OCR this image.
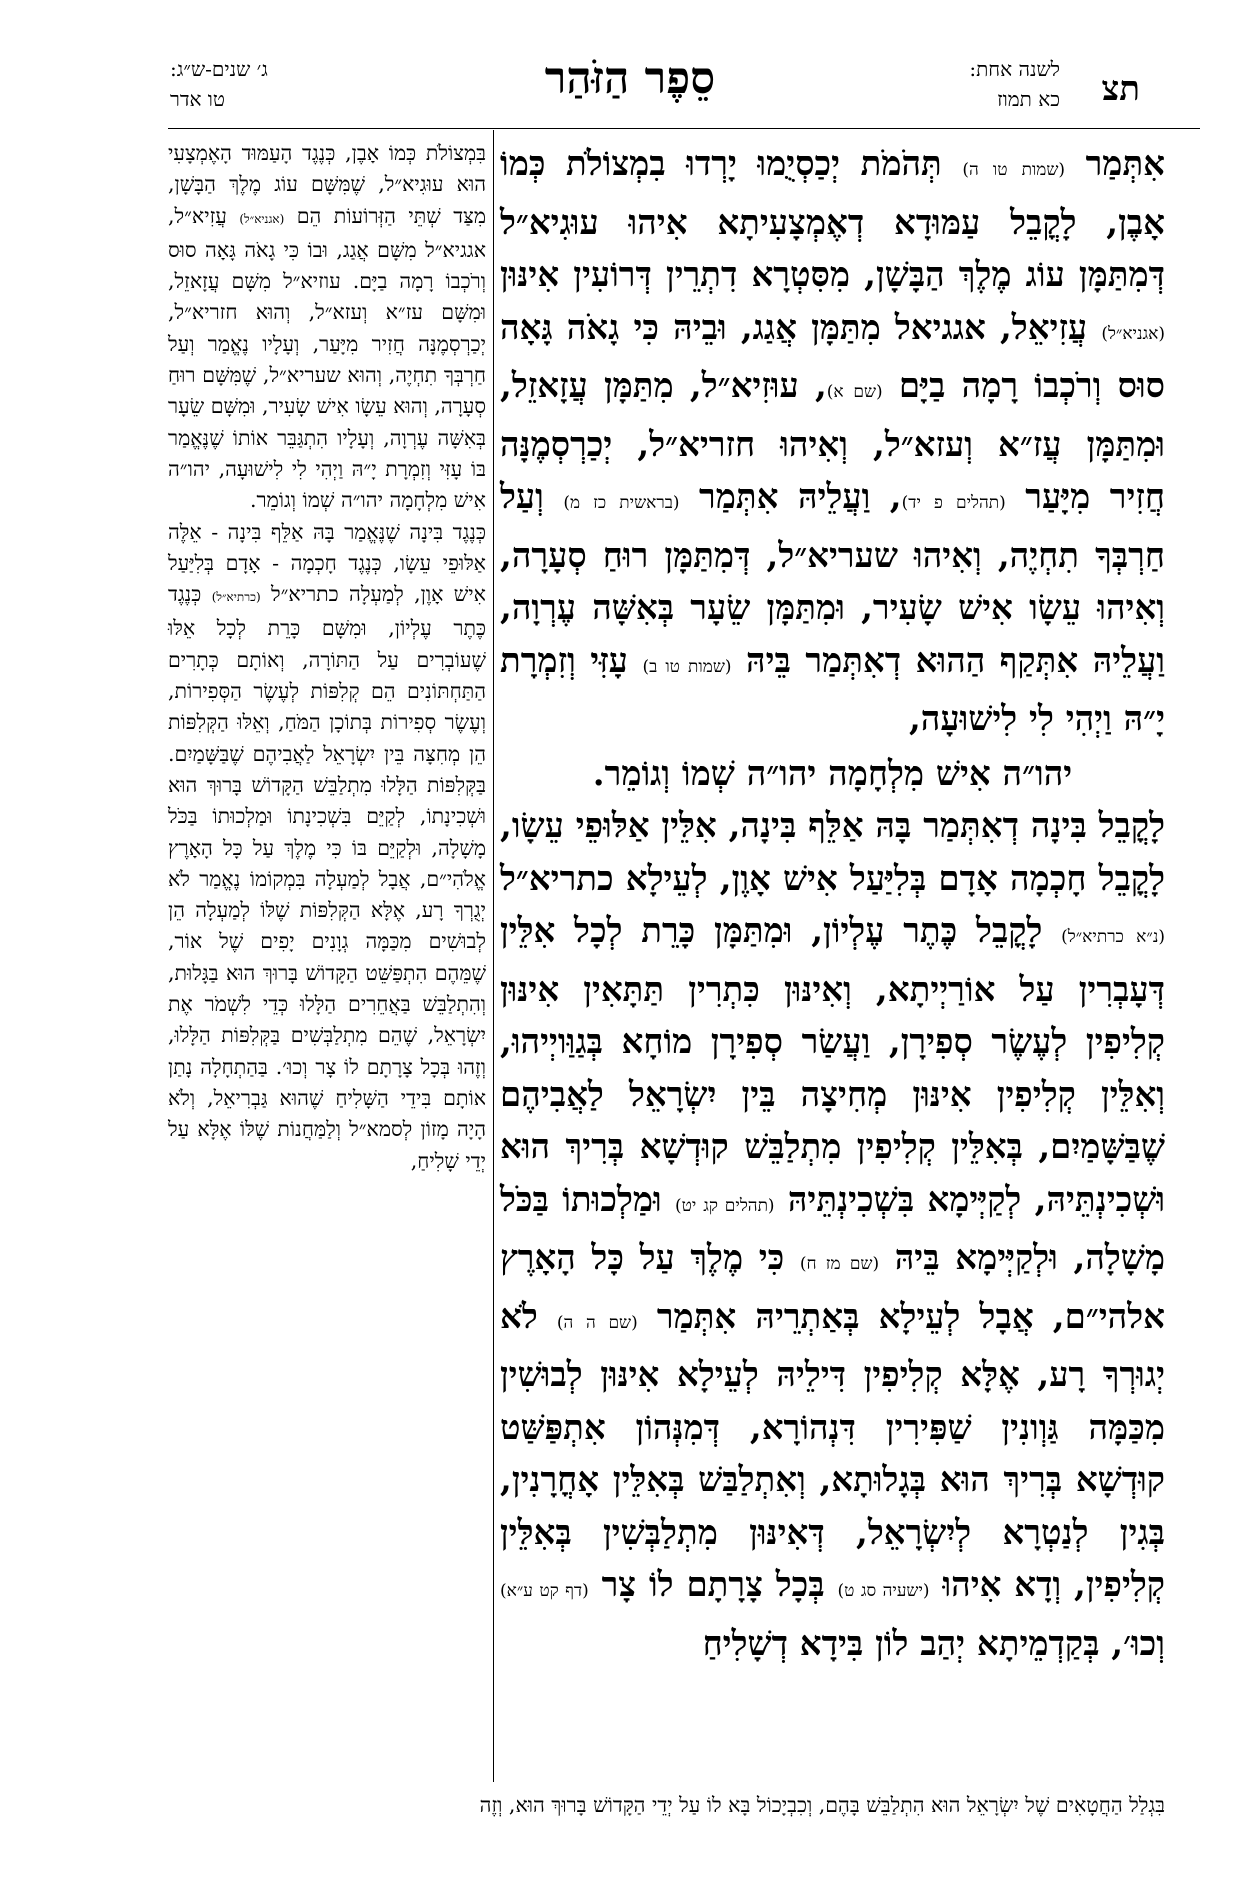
תצ
לשנה אחת:
כא תמוז
סֵפֶר הַזֹּהַר
ג׳ שנים-ש״ג:
טו אדר

אִתְּמַר (שמות טו ה) תְּהֹמֹת יְכַסְיֻמוּ יָרְדוּ בִמְצוֹלֹת כְּמוֹ אָבֶן, לָקֳבֵל עַמּוּדָא דְאֶמְצָעִיתָא אִיהוּ עוּגִיא״ל דְּמִתַּמָּן עוֹג מֶלֶךְ הַבָּשָׁן, מִסִּטְרָא דִתְרֵין דְּרוֹעִין אִינּוּן (אגניא״ל) עֲזִיאֵל, אגגיאל מִתַּמָּן אֲגַג, וּבֵיהּ כִּי גָאֹה גָּאָה סוּס וְרֹכְבוֹ רָמָה בַיָּם (שם א), עוּזִיא״ל, מִתַּמָּן עֲזָאזֵל, וּמִתַּמָּן עֲז״א וְעזא״ל, וְאִיהוּ חזריא״ל, יְכַרְסְמֶנָּה חֲזִיר מִיָּעַר (תהלים פ יד), וַעֲלֵיהּ אִתְּמַר (בראשית כז מ) וְעַל חַרְבְּךָ תִחְיֶה, וְאִיהוּ שעריא״ל, דְּמִתַּמָּן רוּחַ סְעָרָה, וְאִיהוּ עֵשָׂו אִישׁ שָׂעִיר, וּמִתַּמָּן שֵׂעָר בְּאִשָּׁה עֶרְוָה, וַעֲלֵיהּ אִתְּקַף הַהוּא דְאִתְּמַר בֵּיהּ (שמות טו ב) עָזִּי וְזִמְרָת יָ״הּ וַיְהִי לִי לִישׁוּעָה,

יהו״ה אִישׁ מִלְחָמָה יהו״ה שְׁמוֹ וְגוֹמֵר.

לָקֳבֵל בִּינָה דְאִתְּמַר בָּהּ אַלֵּף בִּינָה, אִלֵּין אַלּוּפֵי עֵשָׂו, לָקֳבֵל חָכְמָה אָדָם בְּלִיַּעַל אִישׁ אָוֶן, לְעֵילָא כתריא״ל (נ״א כרתיא״ל) לָקֳבֵל כֶּתֶר עֶלְיוֹן, וּמִתַּמָּן כָּרֵת לְכָל אִלֵּין דְּעָבְרִין עַל אוֹרַיְיתָא, וְאִינּוּן כִּתְרִין תַּתָּאִין אִינּוּן קְלִיפִין לְעֶשֶׂר סְפִירָן, וַעֲשַׂר סְפִירָן מוֹחָא בְּגַוַּויְיהוּ, וְאִלֵּין קְלִיפִין אִינּוּן מְחִיצָה בֵּין יִשְׂרָאֵל לַאֲבִיהֶם שֶׁבַּשָּׁמַיִם, בְּאִלֵּין קְלִיפִין מִתְלַבֵּשׁ קוּדְשָׁא בְּרִיךְ הוּא וּשְׁכִינְתֵּיהּ, לְקַיְּימָא בִּשְׁכִינְתֵּיהּ (תהלים קג יט) וּמַלְכוּתוֹ בַּכֹּל מָשָׁלָה, וּלְקַיְּימָא בֵּיהּ (שם מז ח) כִּי מֶלֶךְ עַל כָּל הָאָרֶץ אלהי״ם, אֲבָל לְעֵילָא בְּאַתְרֵיהּ אִתְּמַר (שם ה ה) לֹא יְגוּרְךָ רָע, אֶלָּא קְלִיפִין דִּילֵיהּ לְעֵילָא אִינּוּן לְבוּשִׁין מִכַּמָּה גַּוְונִין שַׁפִּירִין דִּנְהוֹרָא, דְּמִנְּהוֹן אִתְפַּשַּׁט קוּדְשָׁא בְּרִיךְ הוּא בְּגָלוּתָא, וְאִתְלַבַּשׁ בְּאִלֵּין אָחֳרָנִין, בְּגִין לְנַטְרָא לְיִשְׂרָאֵל, דְּאִינּוּן מִתְלַבְּשִׁין בְּאִלֵּין קְלִיפִין, וְדָא אִיהוּ (ישעיה סג ט) בְּכָל צָרָתָם לוֹ צָר (דף קט ע״א) וְכוּ׳, בְּקַדְמֵיתָא יְהַב לוֹן בִּידָא דְשָׁלִיחַ

בִּמְצוֹלֹת כְּמוֹ אָבֶן, כְּנֶגֶד הָעַמּוּד הָאֶמְצָעִי הוּא עוּגִיא״ל, שֶׁמִּשָּׁם עוֹג מֶלֶךְ הַבָּשָׁן, מִצַּד שְׁתֵּי הַזְּרוֹעוֹת הֵם (אגניא״ל) עֲזִיא״ל, אגגיא״ל מִשָּׁם אֲגַג, וּבוֹ כִּי גָאֹה גָּאָה סוּס וְרֹכְבוֹ רָמָה בַיָּם. עוזיא״ל מִשָּׁם עֲזָאזֵל, וּמִשָּׁם עז״א וְעזא״ל, וְהוּא חזריא״ל, יְכַרְסְמֶנָּה חֲזִיר מִיָּעַר, וְעָלָיו נֶאֱמַר וְעַל חַרְבְּךָ תִחְיֶה, וְהוּא שעריא״ל, שֶׁמִּשָּׁם רוּחַ סְעָרָה, וְהוּא עֵשָׂו אִישׁ שָׂעִיר, וּמִשָּׁם שֵׂעָר בְּאִשָּׁה עֶרְוָה, וְעָלָיו הִתְגַּבֵּר אוֹתוֹ שֶׁנֶּאֱמַר בּוֹ עָזִּי וְזִמְרָת יָ״הּ וַיְהִי לִי לִישׁוּעָה, יהו״ה אִישׁ מִלְחָמָה יהו״ה שְׁמוֹ וְגוֹמֵר.

כְּנֶגֶד בִּינָה שֶׁנֶּאֱמַר בָּהּ אַלֵּף בִּינָה - אֵלֶּה אַלּוּפֵי עֵשָׂו, כְּנֶגֶד חָכְמָה - אָדָם בְּלִיַּעַל אִישׁ אָוֶן, לְמַעְלָה כתריא״ל (כרתיא״ל) כְּנֶגֶד כֶּתֶר עֶלְיוֹן, וּמִשָּׁם כָּרֵת לְכָל אֵלּוּ שֶׁעוֹבְרִים עַל הַתּוֹרָה, וְאוֹתָם כְּתָרִים הַתַּחְתּוֹנִים הֵם קְלִפּוֹת לְעֶשֶׂר הַסְּפִירוֹת, וְעֶשֶׂר סְפִירוֹת בְּתוֹכָן הַמֹּחַ, וְאֵלּוּ הַקְּלִפּוֹת הֵן מְחִצָּה בֵּין יִשְׂרָאֵל לַאֲבִיהֶם שֶׁבַּשָּׁמַיִם. בַּקְּלִפּוֹת הַלָּלוּ מִתְלַבֵּשׁ הַקָּדוֹשׁ בָּרוּךְ הוּא וּשְׁכִינָתוֹ, לְקַיֵּם בִּשְׁכִינָתוֹ וּמַלְכוּתוֹ בַּכֹּל מָשָׁלָה, וּלְקַיֵּם בּוֹ כִּי מֶלֶךְ עַל כָּל הָאָרֶץ אֱלֹהִי״ם, אֲבָל לְמַעְלָה בִּמְקוֹמוֹ נֶאֱמַר לֹא יְגֻרְךָ רָע, אֶלָּא הַקְּלִפּוֹת שֶׁלּוֹ לְמַעְלָה הֵן לְבוּשִׁים מִכַּמָּה גְוָנִים יָפִים שֶׁל אוֹר, שֶׁמֵּהֶם הִתְפַּשֵּׁט הַקָּדוֹשׁ בָּרוּךְ הוּא בַּגָּלוּת, וְהִתְלַבֵּשׁ בַּאֲחֵרִים הַלָּלוּ כְּדֵי לִשְׁמֹר אֶת יִשְׂרָאֵל, שֶׁהֵם מִתְלַבְּשִׁים בַּקְּלִפּוֹת הַלָּלוּ, וְזֶהוּ בְּכָל צָרָתָם לוֹ צָר וְכוּ׳. בַּהַתְחָלָה נָתַן אוֹתָם בִּידֵי הַשָּׁלִיחַ שֶׁהוּא גַּבְרִיאֵל, וְלֹא הָיָה מָזוֹן לְסמא״ל וְלַמַּחֲנוֹת שֶׁלּוֹ אֶלָּא עַל יְדֵי שָׁלִיחַ,

בִּגְלַל הַחֲטָאִים שֶׁל יִשְׂרָאֵל הוּא הִתְלַבֵּשׁ בָּהֶם, וְכִבְיָכוֹל בָּא לוֹ עַל יְדֵי הַקָּדוֹשׁ בָּרוּךְ הוּא, וְזֶה
